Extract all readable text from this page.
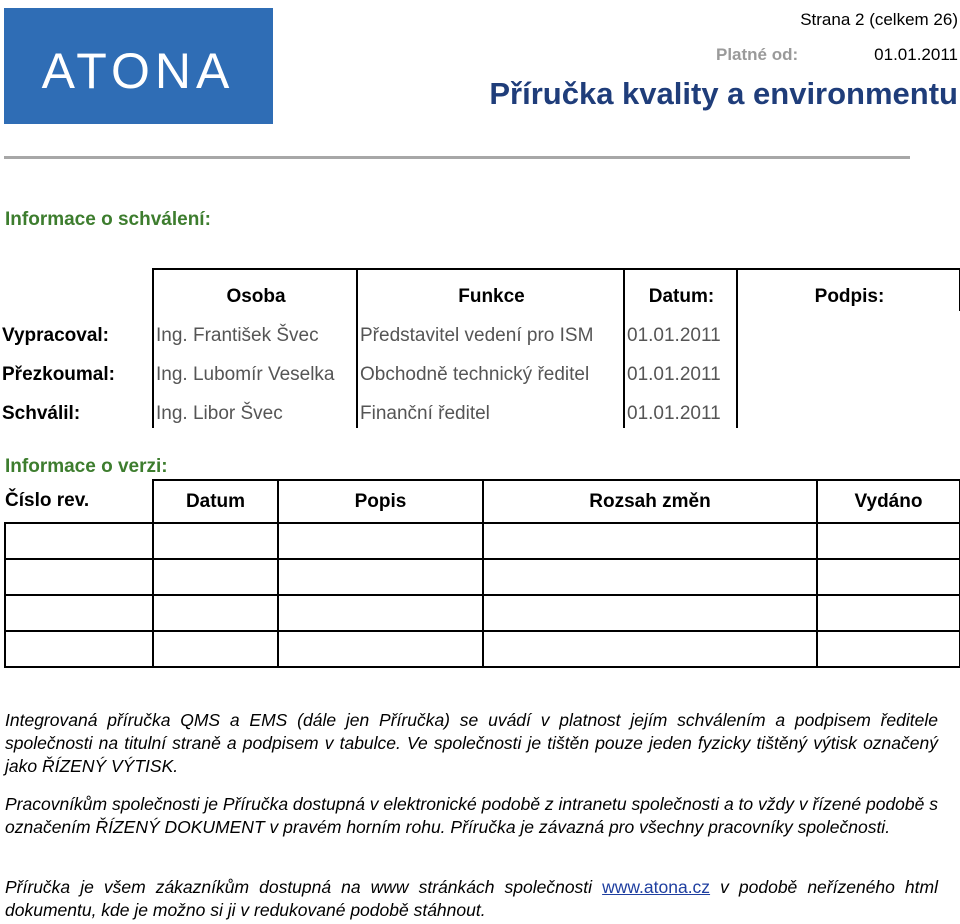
ATONA
Strana 2 (celkem 26)
Platné od:	01.01.2011
Příručka kvality a environmentu
Informace o schválení:
	Osoba	Funkce	Datum:	Podpis:
Vypracoval:	Ing. František Švec	Představitel vedení pro ISM	01.01.2011	
Přezkoumal:	Ing. Lubomír Veselka	Obchodně technický ředitel	01.01.2011	
Schválil:	Ing. Libor Švec	Finanční ředitel	01.01.2011	
Informace o verzi:
Číslo rev.	Datum	Popis	Rozsah změn	Vydáno

Integrovaná příručka QMS a EMS (dále jen Příručka) se uvádí v platnost jejím schválením a podpisem ředitele společnosti na titulní straně a podpisem v tabulce. Ve společnosti je tištěn pouze jeden fyzicky tištěný výtisk označený jako ŘÍZENÝ VÝTISK.

Pracovníkům společnosti je Příručka dostupná v elektronické podobě z intranetu společnosti a to vždy v řízené podobě s označením ŘÍZENÝ DOKUMENT v pravém horním rohu. Příručka je závazná pro všechny pracovníky společnosti.

Příručka je všem zákazníkům dostupná na www stránkách společnosti www.atona.cz v podobě neřízeného html dokumentu, kde je možno si ji v redukované podobě stáhnout.
